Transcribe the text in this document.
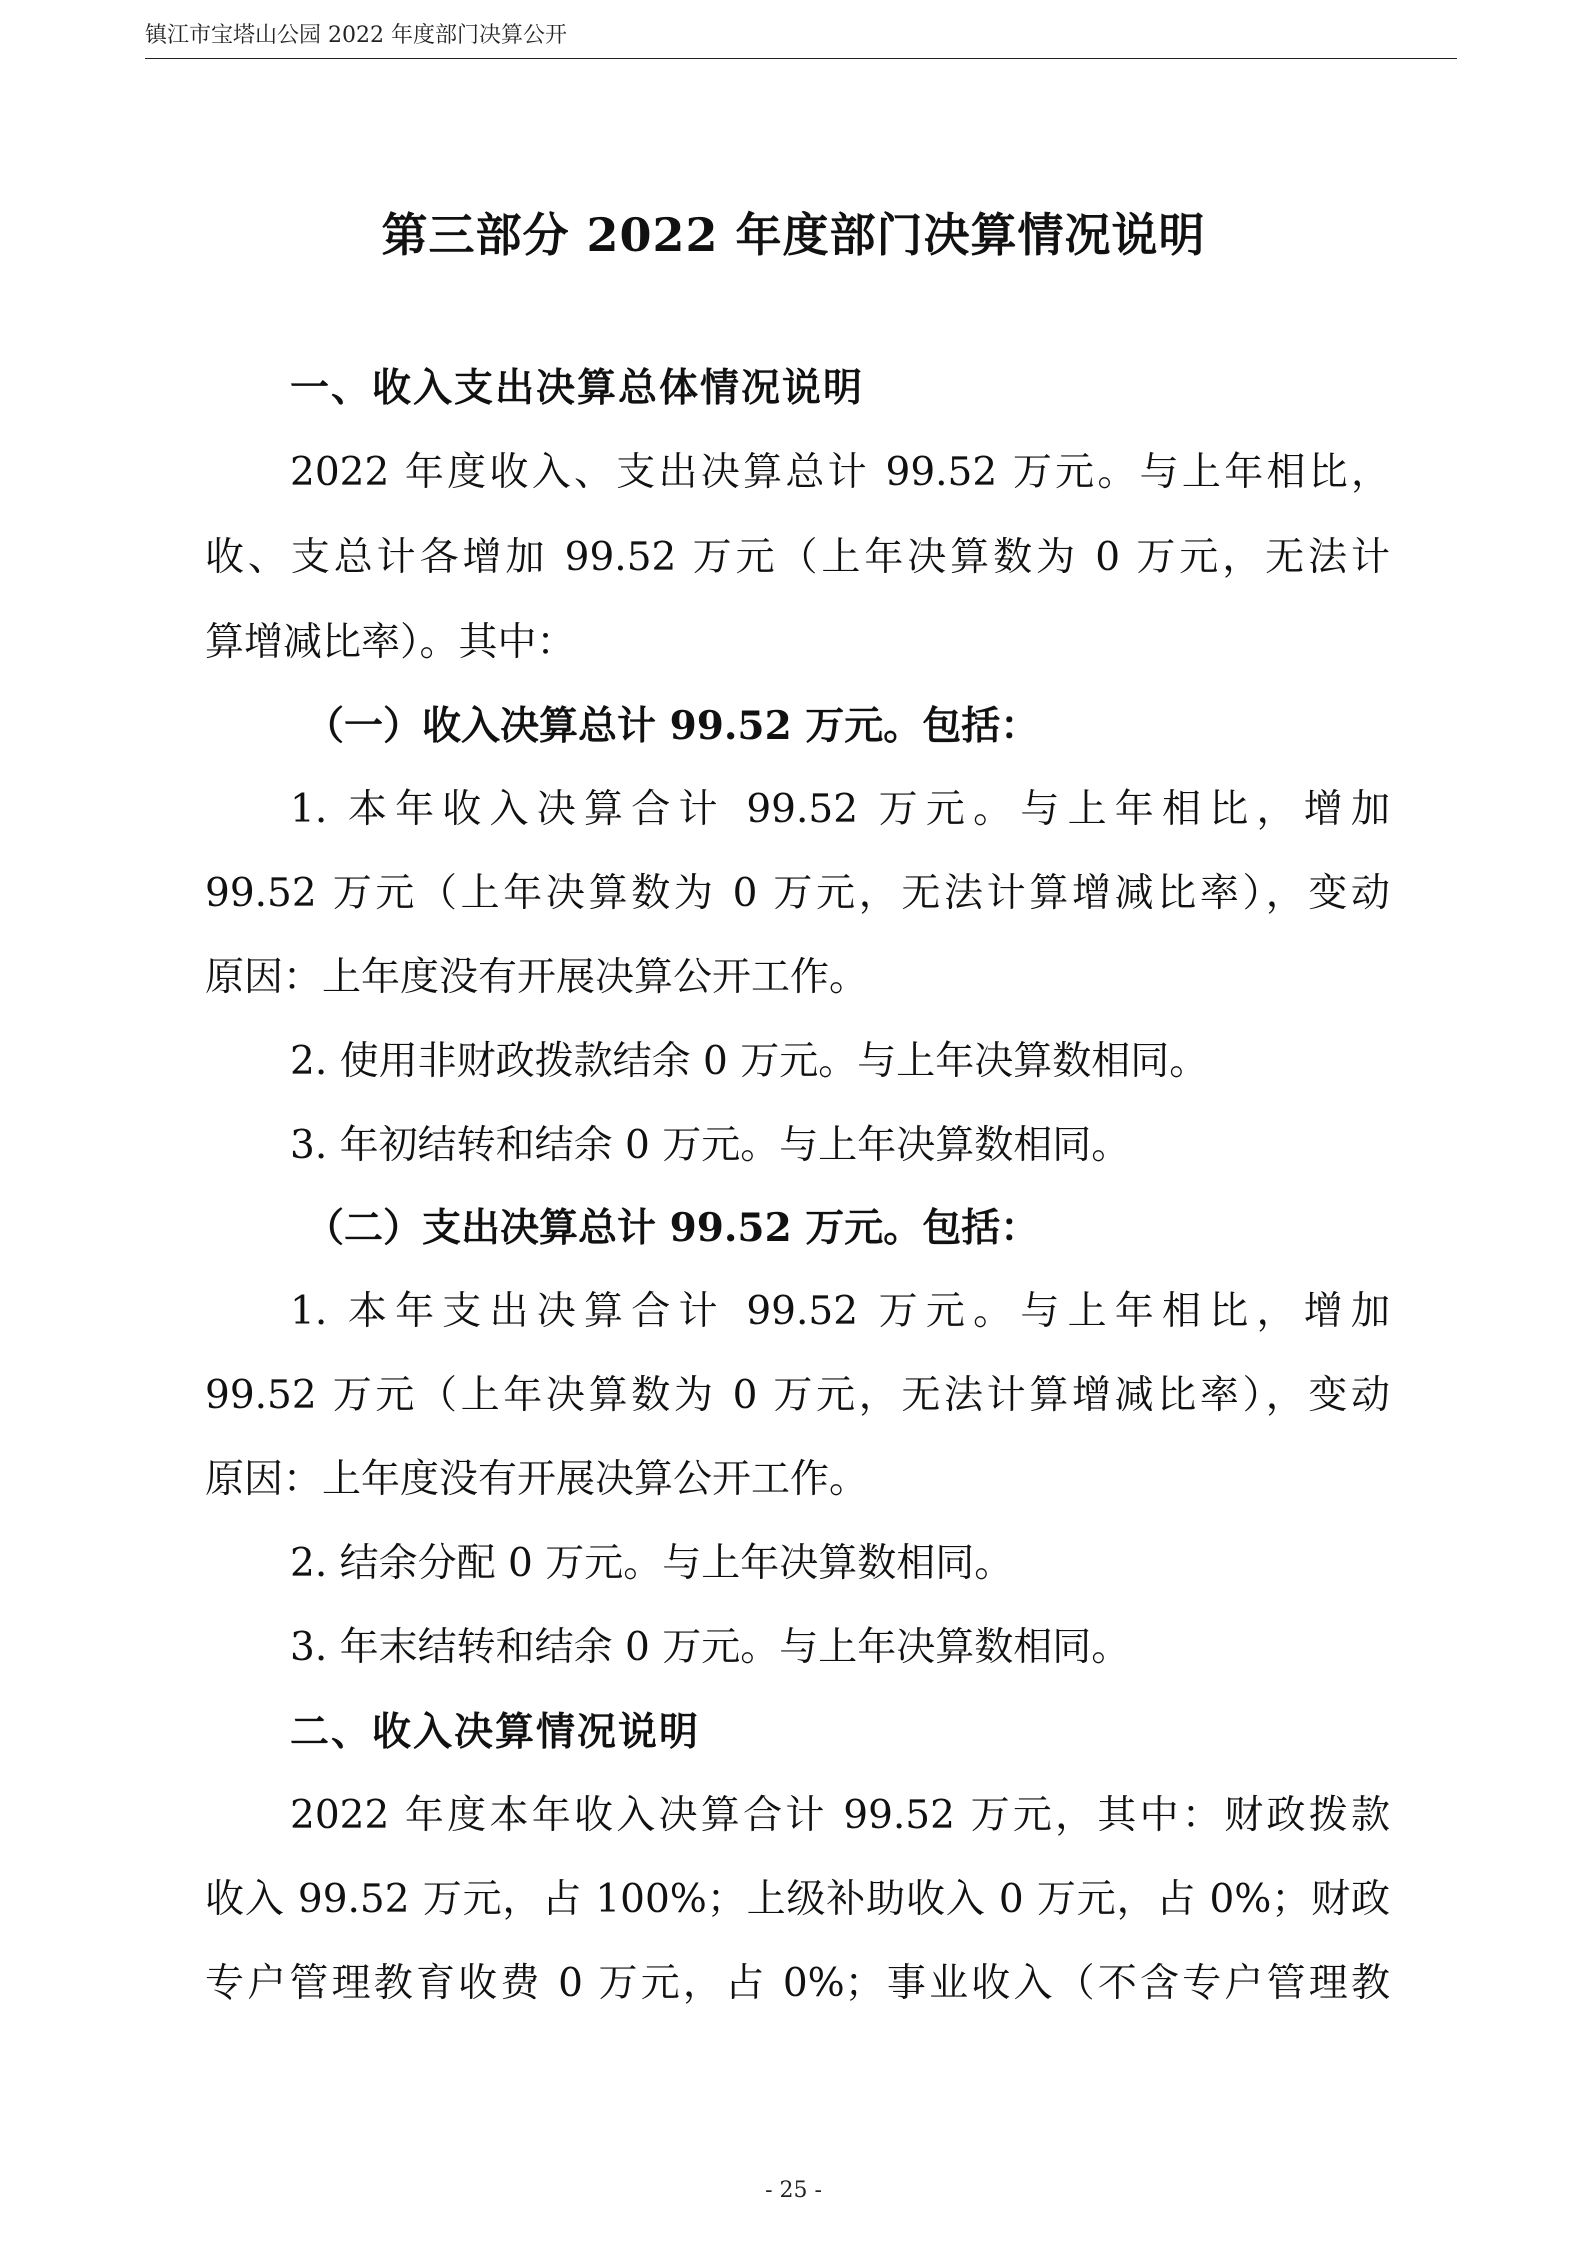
镇江市宝塔山公园 2022 年度部门决算公开
第三部分 2022 年度部门决算情况说明
一、收入支出决算总体情况说明
2022 年度收入、支出决算总计 99.52 万元。与上年相比，
收、支总计各增加 99.52 万元（上年决算数为 0 万元，无法计
算增减比率）。其中：
（一）收入决算总计 99.52 万元。包括：
1. 本年收入决算合计 99.52 万元。与上年相比，增加
99.52 万元（上年决算数为 0 万元，无法计算增减比率），变动
原因：上年度没有开展决算公开工作。
2. 使用非财政拨款结余 0 万元。与上年决算数相同。
3. 年初结转和结余 0 万元。与上年决算数相同。
（二）支出决算总计 99.52 万元。包括：
1. 本年支出决算合计 99.52 万元。与上年相比，增加
99.52 万元（上年决算数为 0 万元，无法计算增减比率），变动
原因：上年度没有开展决算公开工作。
2. 结余分配 0 万元。与上年决算数相同。
3. 年末结转和结余 0 万元。与上年决算数相同。
二、收入决算情况说明
2022 年度本年收入决算合计 99.52 万元，其中：财政拨款
收入 99.52 万元，占 100%；上级补助收入 0 万元，占 0%；财政
专户管理教育收费 0 万元，占 0%；事业收入（不含专户管理教
- 25 -
